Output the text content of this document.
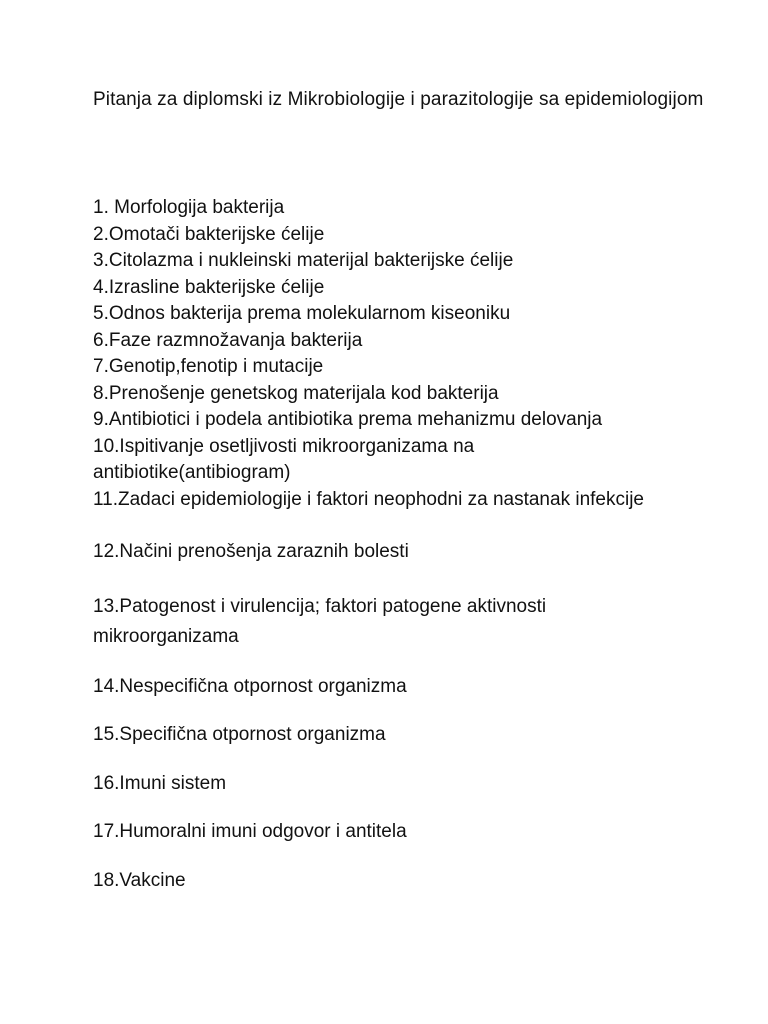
Pitanja za diplomski iz Mikrobiologije i parazitologije sa epidemiologijom
1. Morfologija bakterija
2.Omotači bakterijske ćelije
3.Citolazma i nukleinski materijal bakterijske ćelije
4.Izrasline bakterijske ćelije
5.Odnos bakterija prema molekularnom kiseoniku
6.Faze razmnožavanja bakterija
7.Genotip,fenotip i mutacije
8.Prenošenje genetskog materijala kod bakterija
9.Antibiotici i podela antibiotika prema mehanizmu delovanja
10.Ispitivanje osetljivosti mikroorganizama na antibiotike(antibiogram)
11.Zadaci epidemiologije i faktori neophodni za nastanak infekcije
12.Načini prenošenja zaraznih bolesti
13.Patogenost i virulencija; faktori patogene aktivnosti mikroorganizama
14.Nespecifična otpornost organizma
15.Specifična otpornost organizma
16.Imuni sistem
17.Humoralni imuni odgovor i antitela
18.Vakcine
